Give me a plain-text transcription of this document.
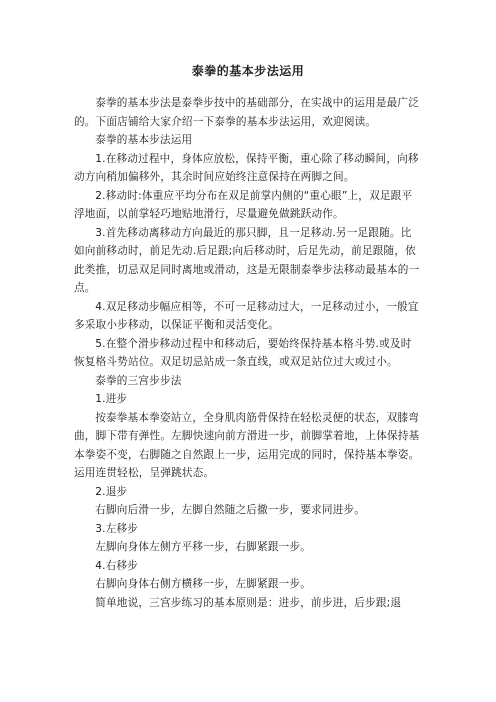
泰拳的基本步法运用

泰拳的基本步法是泰拳步技中的基础部分，在实战中的运用是最广泛的。下面店铺给大家介绍一下泰拳的基本步法运用，欢迎阅读。

泰拳的基本步法运用

1.在移动过程中，身体应放松，保持平衡，重心除了移动瞬间，向移动方向稍加偏移外，其余时间应始终注意保持在两脚之间。

2.移动时:体重应平均分布在双足前掌内侧的“重心眼”上，双足跟平浮地面，以前掌轻巧地贴地滑行，尽量避免做跳跃动作。

3.首先移动离移动方向最近的那只脚，且一足移动.另一足跟随。比如向前移动时，前足先动.后足跟;向后移动时，后足先动，前足跟随，依此类推，切忌双足同时离地或滑动，这是无限制泰拳步法移动最基本的一点。

4.双足移动步幅应相等，不可一足移动过大，一足移动过小，一般宜多采取小步移动，以保证平衡和灵活变化。

5.在整个滑步移动过程中和移动后，要始终保持基本格斗势.或及时恢复格斗势站位。双足切忌站成一条直线，或双足站位过大或过小。

泰拳的三宫步步法

1.进步

按泰拳基本拳姿站立，全身肌肉筋骨保持在轻松灵便的状态，双膝弯曲，脚下带有弹性。左脚快速向前方滑进一步，前脚掌着地，上体保持基本拳姿不变，右脚随之自然跟上一步，运用完成的同时，保持基本拳姿。运用连贯轻松，呈弹跳状态。

2.退步

右脚向后滑一步，左脚自然随之后撤一步，要求同进步。

3.左移步

左脚向身体左侧方平移一步，右脚紧跟一步。

4.右移步

右脚向身体右侧方横移一步，左脚紧跟一步。

简单地说，三宫步练习的基本原则是：进步，前步进，后步跟;退
